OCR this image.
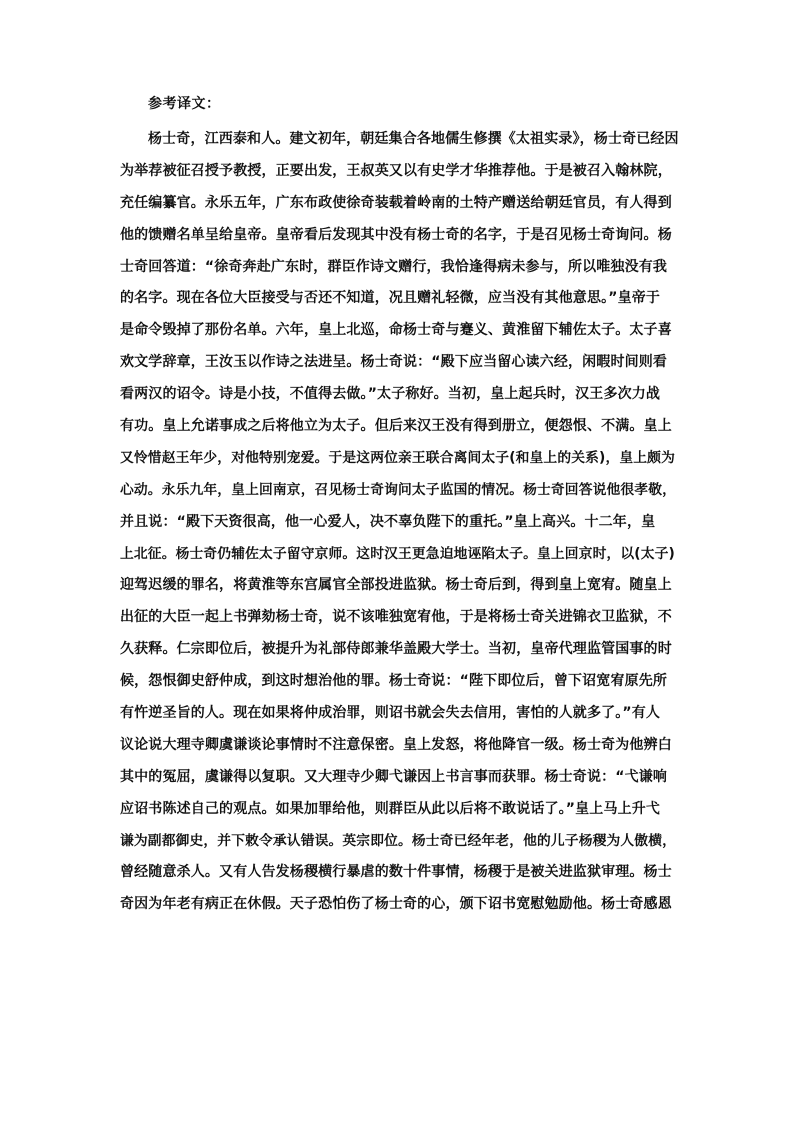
参考译文：
杨士奇，江西泰和人。建文初年，朝廷集合各地儒生修撰《太祖实录》，杨士奇已经因
为举荐被征召授予教授，正要出发，王叔英又以有史学才华推荐他。于是被召入翰林院，
充任编纂官。永乐五年，广东布政使徐奇装载着岭南的土特产赠送给朝廷官员，有人得到
他的馈赠名单呈给皇帝。皇帝看后发现其中没有杨士奇的名字，于是召见杨士奇询问。杨
士奇回答道：“徐奇奔赴广东时，群臣作诗文赠行，我恰逢得病未参与，所以唯独没有我
的名字。现在各位大臣接受与否还不知道，况且赠礼轻微，应当没有其他意思。”皇帝于
是命令毁掉了那份名单。六年，皇上北巡，命杨士奇与蹇义、黄淮留下辅佐太子。太子喜
欢文学辞章，王汝玉以作诗之法进呈。杨士奇说：“殿下应当留心读六经，闲暇时间则看
看两汉的诏令。诗是小技，不值得去做。”太子称好。当初，皇上起兵时，汉王多次力战
有功。皇上允诺事成之后将他立为太子。但后来汉王没有得到册立，便怨恨、不满。皇上
又怜惜赵王年少，对他特别宠爱。于是这两位亲王联合离间太子(和皇上的关系)，皇上颇为
心动。永乐九年，皇上回南京，召见杨士奇询问太子监国的情况。杨士奇回答说他很孝敬，
并且说：“殿下天资很高，他一心爱人，决不辜负陛下的重托。”皇上高兴。十二年，皇
上北征。杨士奇仍辅佐太子留守京师。这时汉王更急迫地诬陷太子。皇上回京时，以(太子)
迎驾迟缓的罪名，将黄淮等东宫属官全部投进监狱。杨士奇后到，得到皇上宽宥。随皇上
出征的大臣一起上书弹劾杨士奇，说不该唯独宽宥他，于是将杨士奇关进锦衣卫监狱，不
久获释。仁宗即位后，被提升为礼部侍郎兼华盖殿大学士。当初，皇帝代理监管国事的时
候，怨恨御史舒仲成，到这时想治他的罪。杨士奇说：“陛下即位后，曾下诏宽宥原先所
有忤逆圣旨的人。现在如果将仲成治罪，则诏书就会失去信用，害怕的人就多了。”有人
议论说大理寺卿虞谦谈论事情时不注意保密。皇上发怒，将他降官一级。杨士奇为他辨白
其中的冤屈，虞谦得以复职。又大理寺少卿弋谦因上书言事而获罪。杨士奇说：“弋谦响
应诏书陈述自己的观点。如果加罪给他，则群臣从此以后将不敢说话了。”皇上马上升弋
谦为副都御史，并下敕令承认错误。英宗即位。杨士奇已经年老，他的儿子杨稷为人傲横，
曾经随意杀人。又有人告发杨稷横行暴虐的数十件事情，杨稷于是被关进监狱审理。杨士
奇因为年老有病正在休假。天子恐怕伤了杨士奇的心，颁下诏书宽慰勉励他。杨士奇感恩
